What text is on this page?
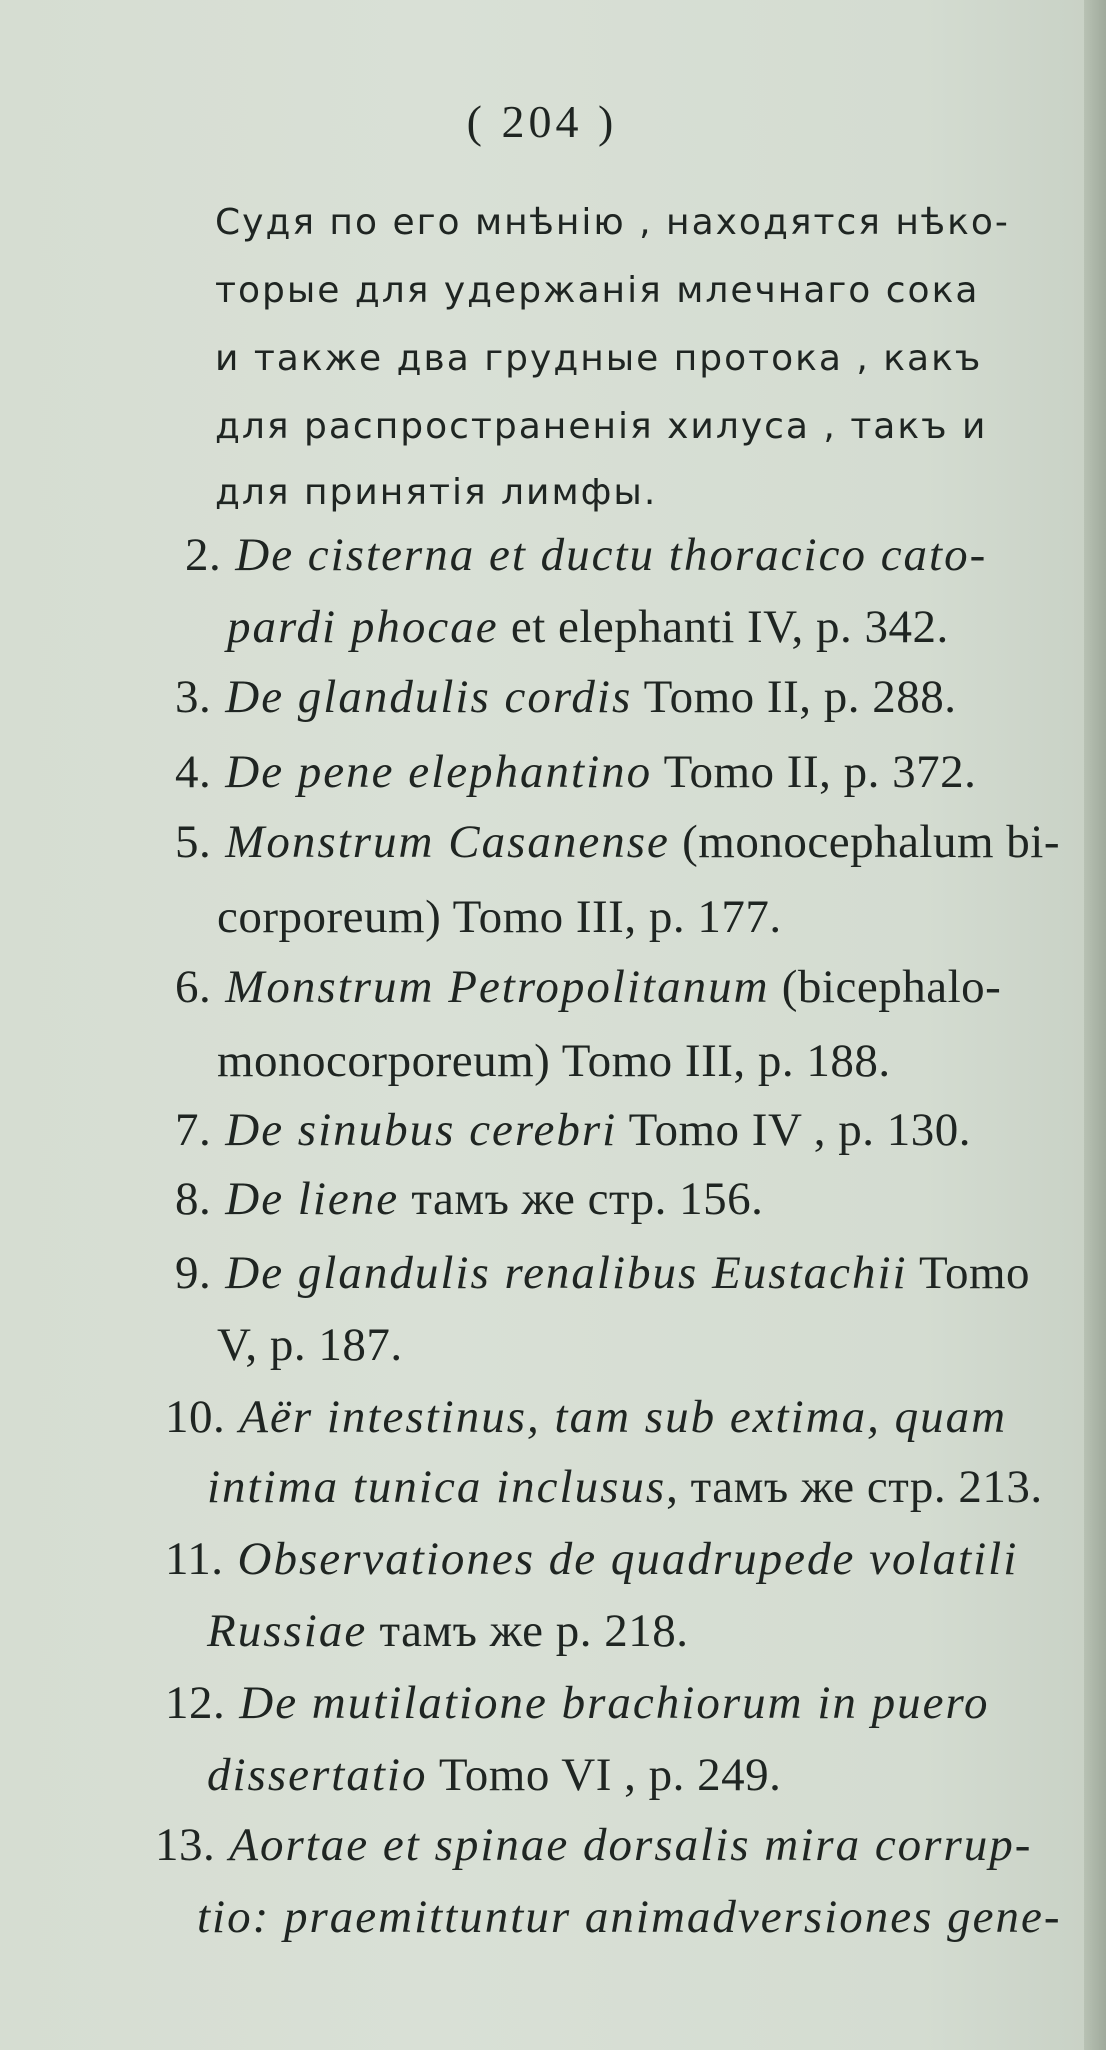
( 204 )
Судя по его мнѣнію , находятся нѣко-
торые для удержанія млечнаго сока
и также два грудные протока , какъ
для распространенія хилуса , такъ и
для принятія лимфы.
2. De cisterna et ductu thoracico cato-
pardi phocae et elephanti IV, p. 342.
3. De glandulis cordis Tomo II, p. 288.
4. De pene elephantino Tomo II, p. 372.
5. Monstrum Casanense (monocephalum bi-
corporeum) Tomo III, p. 177.
6. Monstrum Petropolitanum (bicephalo-
monocorporeum) Tomo III, p. 188.
7. De sinubus cerebri Tomo IV , p. 130.
8. De liene тамъ же стр. 156.
9. De glandulis renalibus Eustachii Tomo
V, p. 187.
10. Aër intestinus, tam sub extima, quam
intima tunica inclusus, тамъ же стр. 213.
11. Observationes de quadrupede volatili
Russiae тамъ же p. 218.
12. De mutilatione brachiorum in puero
dissertatio Tomo VI , p. 249.
13. Aortae et spinae dorsalis mira corrup-
tio: praemittuntur animadversiones gene-
